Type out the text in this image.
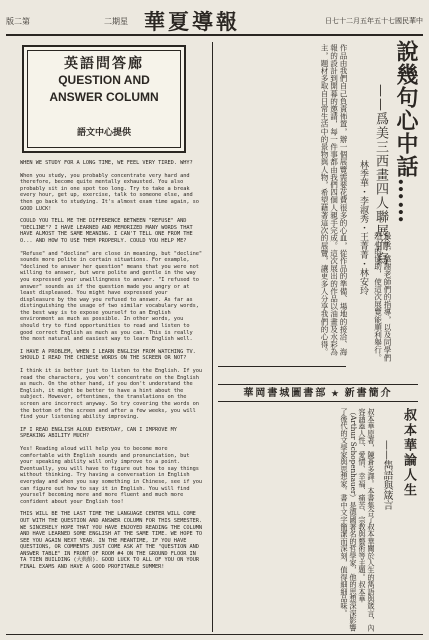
版二第	二期星 華夏導報	日七十二月五年五十七國民華中
英語問答廊
QUESTION AND
ANSWER COLUMN
語文中心提供

WHEN WE STUDY FOR A LONG TIME, WE FEEL VERY TIRED. WHY?

When you study, you probably concentrate very hard and therefore, become quite mentally exhausted. You also probably sit in one spot too long. Try to take a break every hour, get up, exercise, talk to someone else, and then go back to studying. It's almost exam time again, so GOOD LUCK!

COULD YOU TELL ME THE DIFFERENCE BETWEEN "REFUSE" AND "DECLINE"? I HAVE LEARNED AND MEMORIZED MANY WORDS THAT HAVE ALMOST THE SAME MEANING. I CAN'T TELL ONE FROM THE O... AND HOW TO USE THEM PROPERLY. COULD YOU HELP ME?

"Refuse" and "decline" are close in meaning, but "decline" sounds more polite in certain situations. For example, "declined to answer her question" means that you were not willing to answer, but were polite and gentle in the way you expressed your unwillingness to answer. "I refused to answer" sounds as if the question made you angry or at least displeased. You might have expressed your displeasure by the way you refused to answer. As far as distinguishing the usage of two similar vocabulary words, the best way is to expose yourself to an English environment as much as possible. In other words, you should try to find opportunities to read and listen to good correct English as much as you can. This is really the most natural and easiest way to learn English well.

I HAVE A PROBLEM, WHEN I LEARN ENGLISH FROM WATCHING TV. SHOULD I READ THE CHINESE WORDS ON THE SCREEN OR NOT?

I think it is better just to listen to the English. If you read the characters, you won't concentrate on the English as much. On the other hand, if you don't understand the English, it might be better to have a hint about the subject. However, oftentimes, the translations on the screen are incorrect anyway. So try covering the words on the bottom of the screen and after a few weeks, you will find your listening ability improving.

IF I READ ENGLISH ALOUD EVERYDAY, CAN I IMPROVE MY SPEAKING ABILITY MUCH?

Yes! Reading aloud will help you to become more comfortable with English sounds and pronunciation, but your speaking ability will only improve to a point. Eventually, you will have to figure out how to say things without thinking. Try having a conversation in English everyday and when you say something in Chinese, see if you can figure out how to say it in English. You will find yourself becoming more and more fluent and much more confident about your English too!

THIS WILL BE THE LAST TIME THE LANGUAGE CENTER WILL COME OUT WITH THE QUESTION AND ANSWER COLUMN FOR THIS SEMESTER. WE SINCERELY HOPE THAT YOU HAVE ENJOYED READING THE COLUMN AND HAVE LEARNED SOME ENGLISH AT THE SAME TIME. WE HOPE TO SEE YOU AGAIN NEXT YEAR. IN THE MEANTIME, IF YOU HAVE QUESTIONS, OR COMMENTS JUST COME ASK AT THE "QUESTION AND ANSWER TABLE" IN FRONT OF ROOM #4 ON THE GROUND FLOOR IN TA TIEN BUILDING (大典館). GOOD LUCK TO ALL OF YOU ON YOUR FINAL EXAMS AND HAVE A GOOD PROFITABLE SUMMER!

說幾句心中話……
——爲美三西畫四人聯展而寫
林季華・李淑秀・王菁菁・林安玲
最後，感謝老師們的指導，以及同學們熱心的協助，使這次展覽能順利舉行。
作品由我們自己負責佈置，辦一個展覽需要花費很多的心血，從作品的準備、場地的接洽、海報的設計到開幕的邀請，每一件事都由我們四個人親手完成。這次展出的作品以油畫及水彩為主，題材多取自日常生活中的景物與人物，希望藉著這次的展覽，讓更多人分享我們的心得。
華岡書城圖書部 ★ 新書簡介
叔本華論人生
——雋語與箴言
叔本華原著，陳蒼多譯。本書集合了叔本華關於人生的雋語與箴言，內容涵蓋人性、愛情、幸福、痛苦、宗教與藝術等主題。叔本華（Arthur Schopenhauer）是德國著名的哲學家，他的思想深深影響了後代的文學家與思想家。書中文字簡潔而深刻，值得細細品味。
